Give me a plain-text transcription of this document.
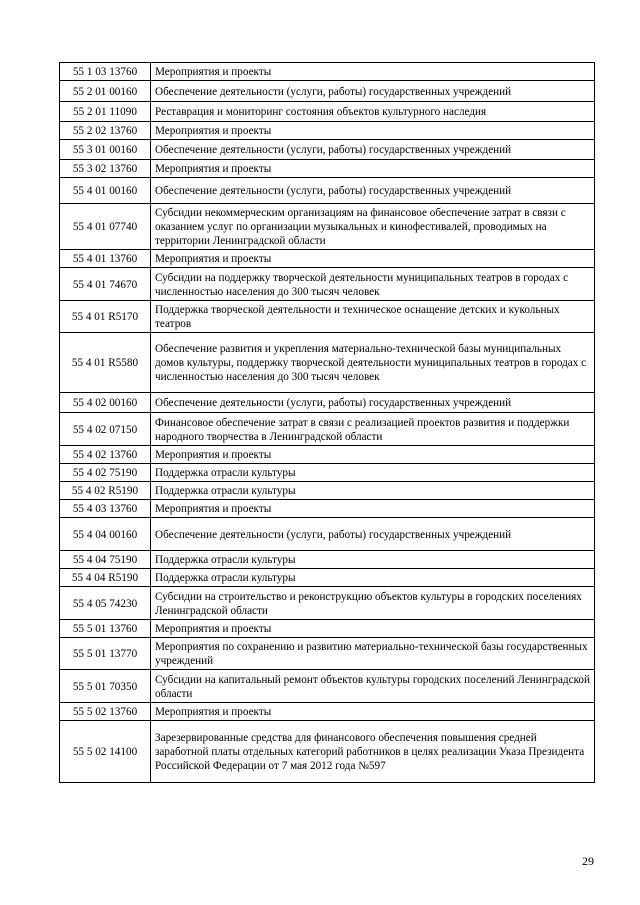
55 1 03 13760	Мероприятия и проекты
55 2 01 00160	Обеспечение деятельности (услуги, работы) государственных учреждений
55 2 01 11090	Реставрация и мониторинг состояния объектов культурного наследия
55 2 02 13760	Мероприятия и проекты
55 3 01 00160	Обеспечение деятельности (услуги, работы) государственных учреждений
55 3 02 13760	Мероприятия и проекты
55 4 01 00160	Обеспечение деятельности (услуги, работы) государственных учреждений
55 4 01 07740	Субсидии некоммерческим организациям на финансовое обеспечение затрат в связи с оказанием услуг по организации музыкальных и кинофестивалей, проводимых на территории Ленинградской области
55 4 01 13760	Мероприятия и проекты
55 4 01 74670	Субсидии на поддержку творческой деятельности муниципальных театров в городах с численностью населения до 300 тысяч человек
55 4 01 R5170	Поддержка творческой деятельности и техническое оснащение детских и кукольных театров
55 4 01 R5580	Обеспечение развития и укрепления материально-технической базы муниципальных домов культуры, поддержку творческой деятельности муниципальных театров в городах с численностью населения до 300 тысяч человек
55 4 02 00160	Обеспечение деятельности (услуги, работы) государственных учреждений
55 4 02 07150	Финансовое обеспечение затрат в связи с реализацией проектов развития и поддержки народного творчества в Ленинградской области
55 4 02 13760	Мероприятия и проекты
55 4 02 75190	Поддержка отрасли культуры
55 4 02 R5190	Поддержка отрасли культуры
55 4 03 13760	Мероприятия и проекты
55 4 04 00160	Обеспечение деятельности (услуги, работы) государственных учреждений
55 4 04 75190	Поддержка отрасли культуры
55 4 04 R5190	Поддержка отрасли культуры
55 4 05 74230	Субсидии на строительство и реконструкцию объектов культуры в городских поселениях Ленинградской области
55 5 01 13760	Мероприятия и проекты
55 5 01 13770	Мероприятия по сохранению и развитию материально-технической базы государственных учреждений
55 5 01 70350	Субсидии на капитальный ремонт объектов культуры городских поселений Ленинградской области
55 5 02 13760	Мероприятия и проекты
55 5 02 14100	Зарезервированные средства для финансового обеспечения повышения средней заработной платы отдельных категорий работников в целях реализации Указа Президента Российской Федерации от 7 мая 2012 года №597
29
